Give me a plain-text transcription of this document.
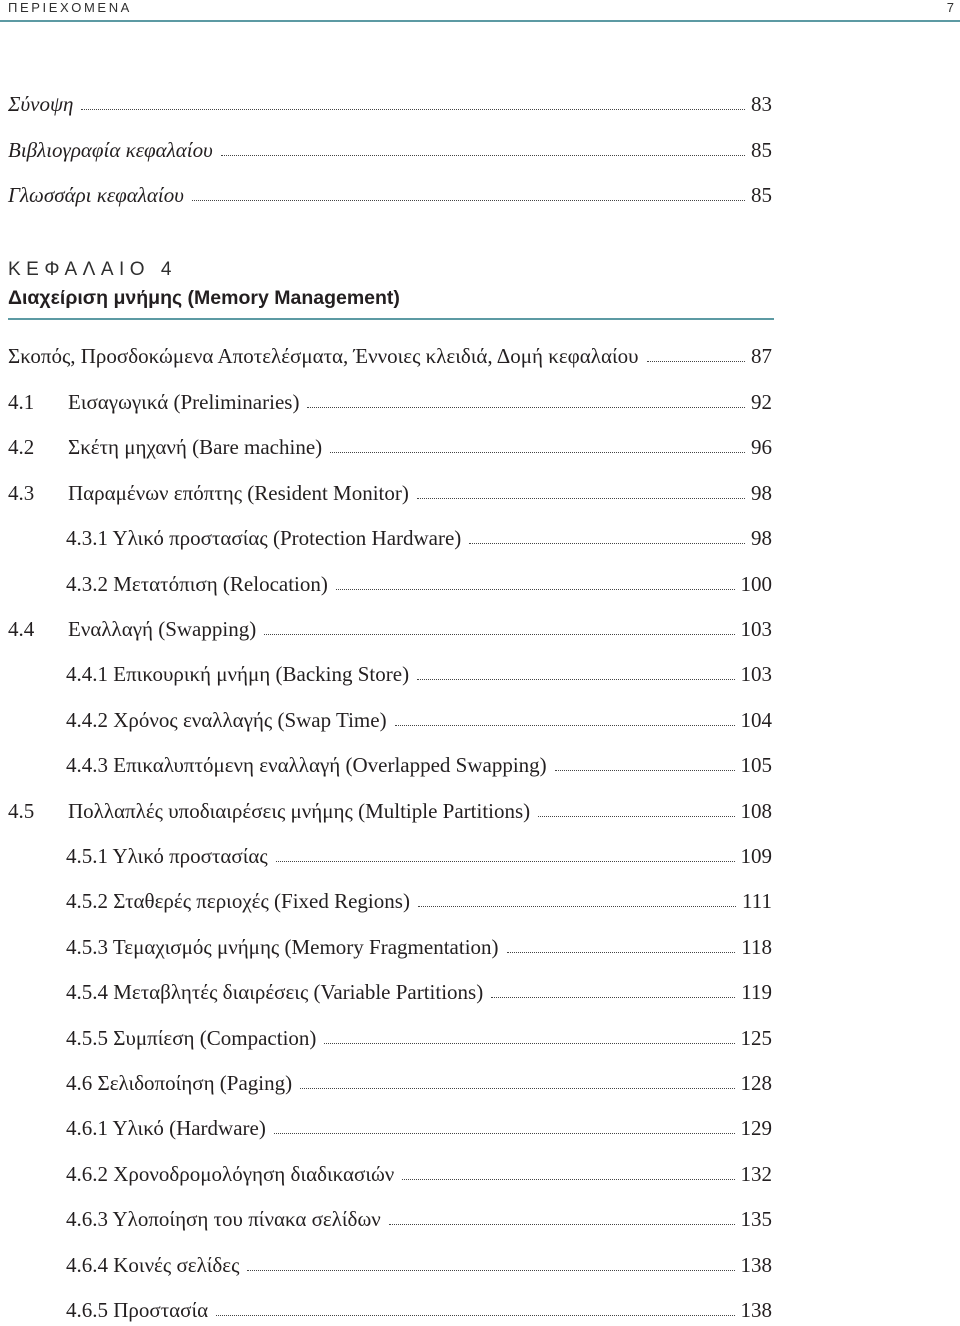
ΠΕΡΙΕΧΟΜΕΝΑ	7
Σύνοψη	83
Βιβλιογραφία κεφαλαίου	85
Γλωσσάρι κεφαλαίου	85
ΚΕΦΑΛΑΙΟ 4
Διαχείριση μνήμης (Memory Management)
Σκοπός, Προσδοκώμενα Αποτελέσματα, Έννοιες κλειδιά, Δομή κεφαλαίου	87
4.1 Εισαγωγικά (Preliminaries)	92
4.2 Σκέτη μηχανή (Bare machine)	96
4.3 Παραμένων επόπτης (Resident Monitor)	98
4.3.1 Υλικό προστασίας (Protection Hardware)	98
4.3.2 Μετατόπιση (Relocation)	100
4.4 Εναλλαγή (Swapping)	103
4.4.1 Επικουρική μνήμη (Backing Store)	103
4.4.2 Χρόνος εναλλαγής (Swap Time)	104
4.4.3 Επικαλυπτόμενη εναλλαγή (Overlapped Swapping)	105
4.5 Πολλαπλές υποδιαιρέσεις μνήμης (Multiple Partitions)	108
4.5.1 Υλικό προστασίας	109
4.5.2 Σταθερές περιοχές (Fixed Regions)	111
4.5.3 Τεμαχισμός μνήμης (Memory Fragmentation)	118
4.5.4 Μεταβλητές διαιρέσεις (Variable Partitions)	119
4.5.5 Συμπίεση (Compaction)	125
4.6 Σελιδοποίηση (Paging)	128
4.6.1 Υλικό (Hardware)	129
4.6.2 Χρονοδρομολόγηση διαδικασιών	132
4.6.3 Υλοποίηση του πίνακα σελίδων	135
4.6.4 Κοινές σελίδες	138
4.6.5 Προστασία	138
